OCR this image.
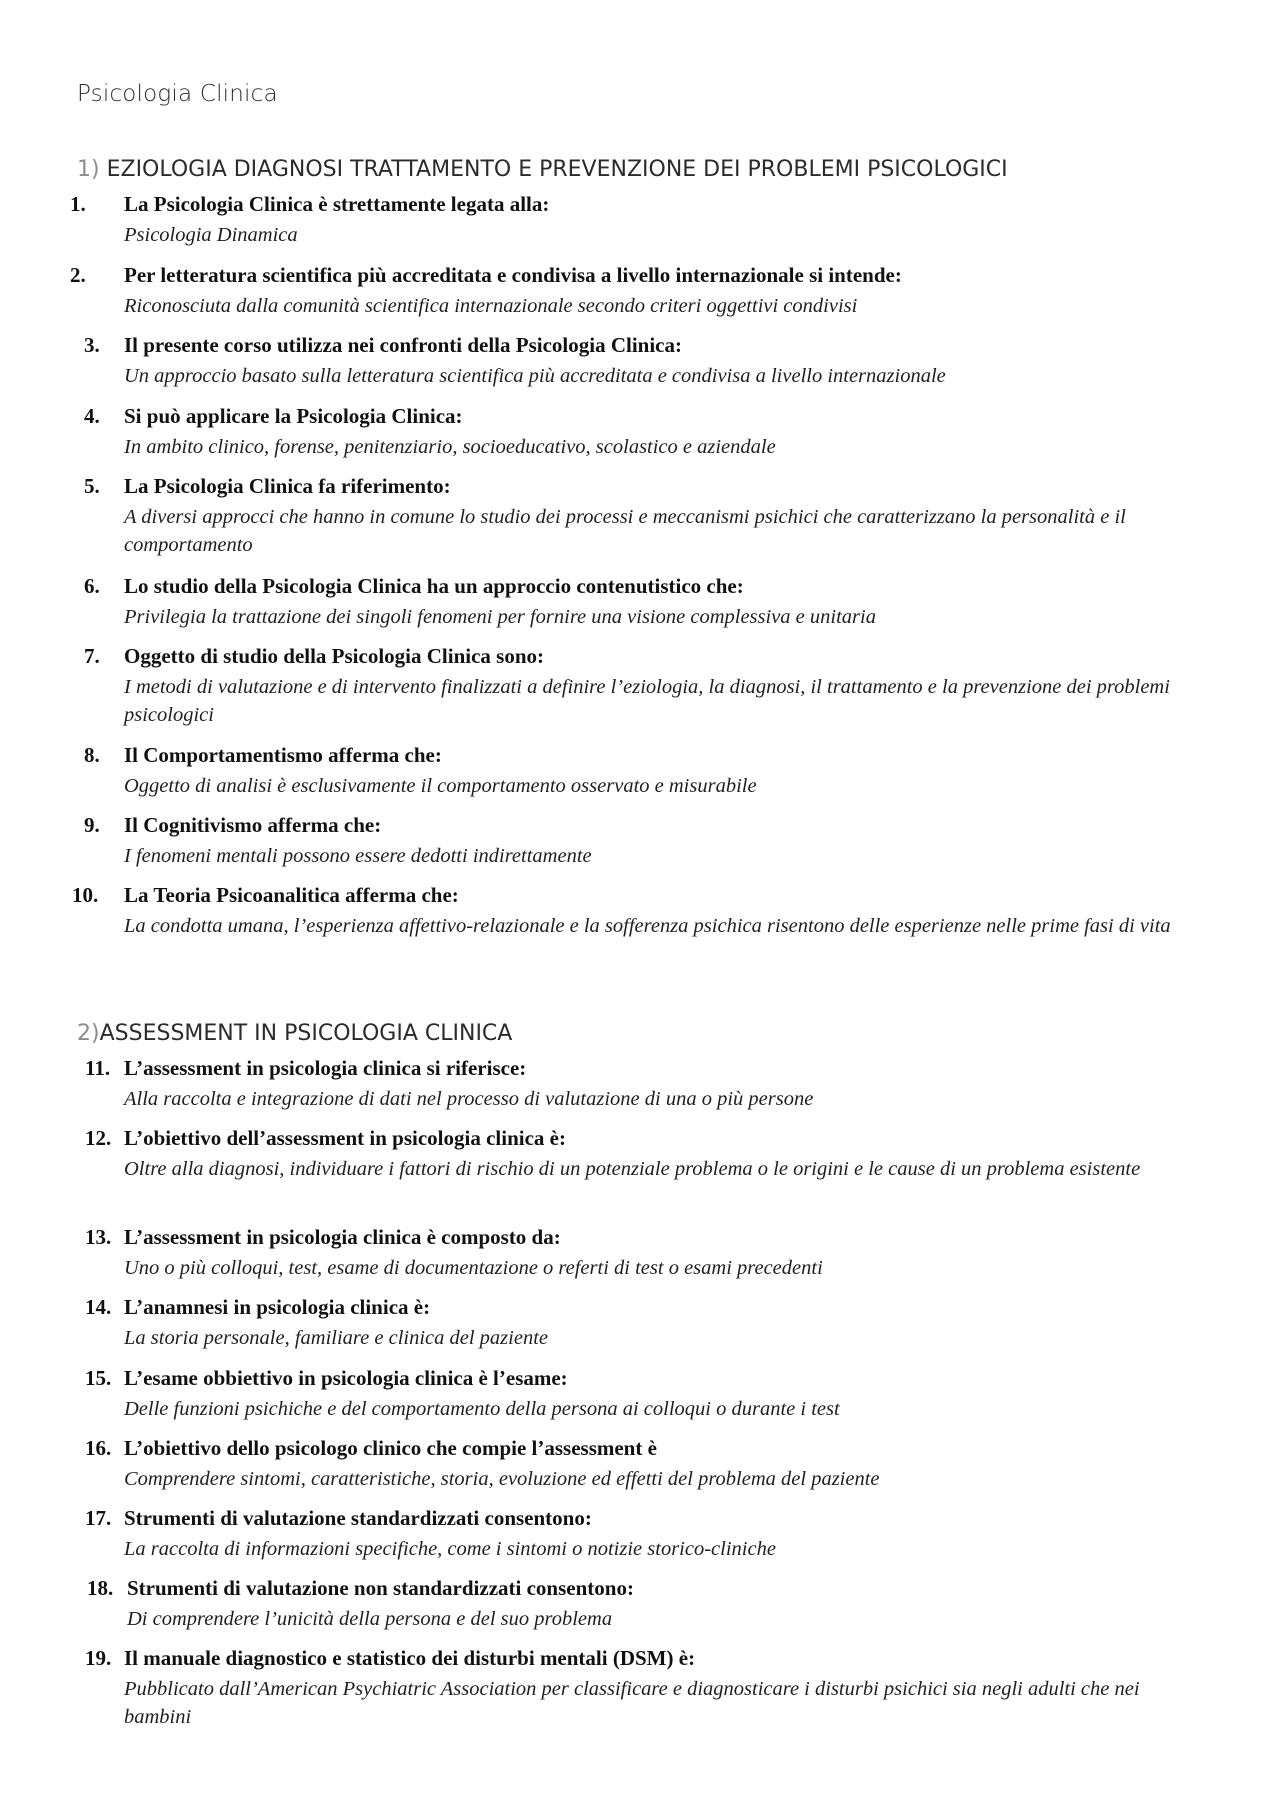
Psicologia Clinica
1) EZIOLOGIA DIAGNOSI TRATTAMENTO E PREVENZIONE DEI PROBLEMI PSICOLOGICI
1. La Psicologia Clinica è strettamente legata alla:
Psicologia Dinamica
2. Per letteratura scientifica più accreditata e condivisa a livello internazionale si intende:
Riconosciuta dalla comunità scientifica internazionale secondo criteri oggettivi condivisi
3. Il presente corso utilizza nei confronti della Psicologia Clinica:
Un approccio basato sulla letteratura scientifica più accreditata e condivisa a livello internazionale
4. Si può applicare la Psicologia Clinica:
In ambito clinico, forense, penitenziario, socioeducativo, scolastico e aziendale
5. La Psicologia Clinica fa riferimento:
A diversi approcci che hanno in comune lo studio dei processi e meccanismi psichici che caratterizzano la personalità e il comportamento
6. Lo studio della Psicologia Clinica ha un approccio contenutistico che:
Privilegia la trattazione dei singoli fenomeni per fornire una visione complessiva e unitaria
7. Oggetto di studio della Psicologia Clinica sono:
I metodi di valutazione e di intervento finalizzati a definire l’eziologia, la diagnosi, il trattamento e la prevenzione dei problemi psicologici
8. Il Comportamentismo afferma che:
Oggetto di analisi è esclusivamente il comportamento osservato e misurabile
9. Il Cognitivismo afferma che:
I fenomeni mentali possono essere dedotti indirettamente
10. La Teoria Psicoanalitica afferma che:
La condotta umana, l’esperienza affettivo-relazionale e la sofferenza psichica risentono delle esperienze nelle prime fasi di vita
2)ASSESSMENT IN PSICOLOGIA CLINICA
11. L’assessment in psicologia clinica si riferisce:
Alla raccolta e integrazione di dati nel processo di valutazione di una o più persone
12. L’obiettivo dell’assessment in psicologia clinica è:
Oltre alla diagnosi, individuare i fattori di rischio di un potenziale problema o le origini e le cause di un problema esistente
13. L’assessment in psicologia clinica è composto da:
Uno o più colloqui, test, esame di documentazione o referti di test o esami precedenti
14. L’anamnesi in psicologia clinica è:
La storia personale, familiare e clinica del paziente
15. L’esame obbiettivo in psicologia clinica è l’esame:
Delle funzioni psichiche e del comportamento della persona ai colloqui o durante i test
16. L’obiettivo dello psicologo clinico che compie l’assessment è
Comprendere sintomi, caratteristiche, storia, evoluzione ed effetti del problema del paziente
17. Strumenti di valutazione standardizzati consentono:
La raccolta di informazioni specifiche, come i sintomi o notizie storico-cliniche
18. Strumenti di valutazione non standardizzati consentono:
Di comprendere l’unicità della persona e del suo problema
19. Il manuale diagnostico e statistico dei disturbi mentali (DSM) è:
Pubblicato dall’American Psychiatric Association per classificare e diagnosticare i disturbi psichici sia negli adulti che nei bambini
